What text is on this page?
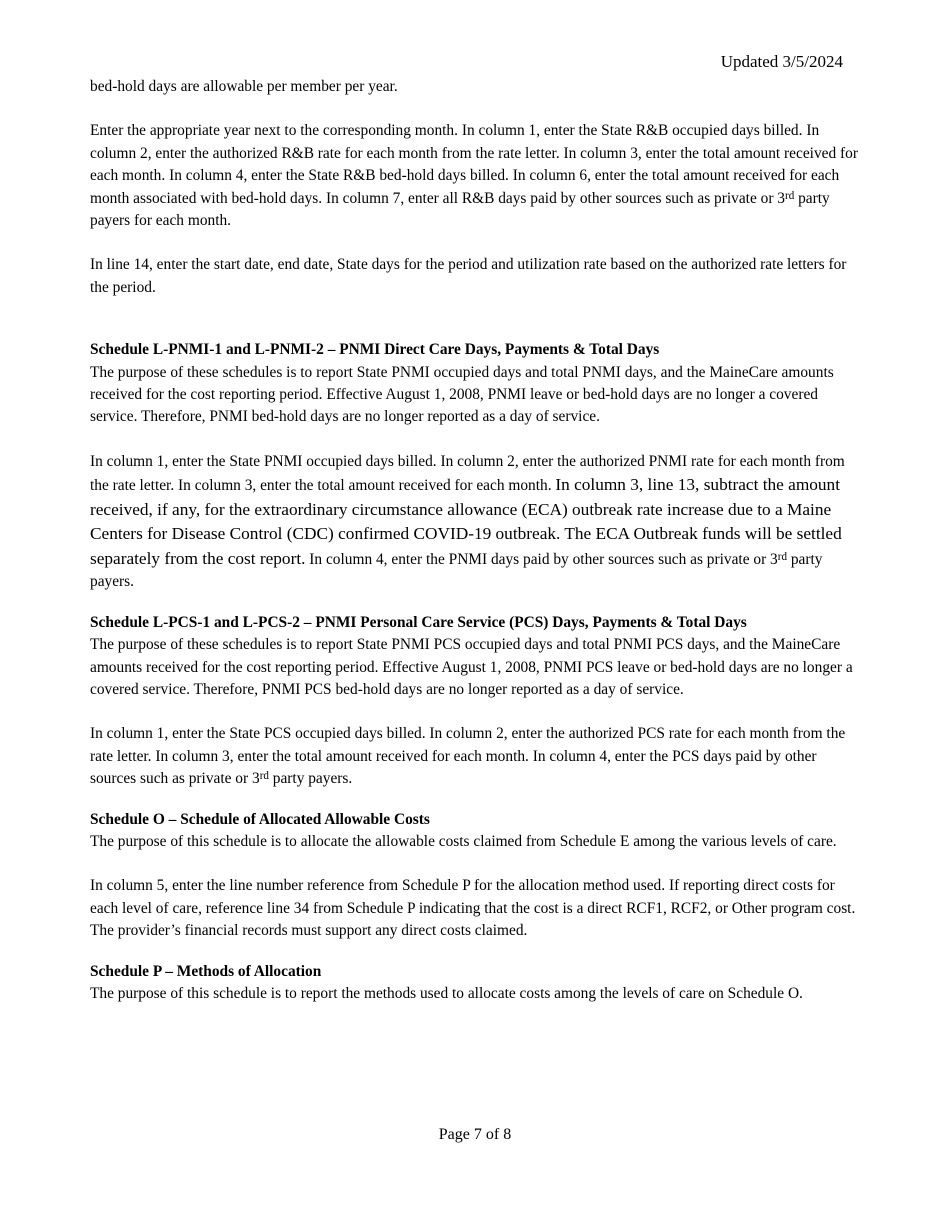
Updated 3/5/2024

bed-hold days are allowable per member per year.

Enter the appropriate year next to the corresponding month. In column 1, enter the State R&B occupied days billed. In column 2, enter the authorized R&B rate for each month from the rate letter. In column 3, enter the total amount received for each month. In column 4, enter the State R&B bed-hold days billed. In column 6, enter the total amount received for each month associated with bed-hold days. In column 7, enter all R&B days paid by other sources such as private or 3rd party payers for each month.

In line 14, enter the start date, end date, State days for the period and utilization rate based on the authorized rate letters for the period.

Schedule L-PNMI-1 and L-PNMI-2 – PNMI Direct Care Days, Payments & Total Days

The purpose of these schedules is to report State PNMI occupied days and total PNMI days, and the MaineCare amounts received for the cost reporting period. Effective August 1, 2008, PNMI leave or bed-hold days are no longer a covered service. Therefore, PNMI bed-hold days are no longer reported as a day of service.

In column 1, enter the State PNMI occupied days billed. In column 2, enter the authorized PNMI rate for each month from the rate letter. In column 3, enter the total amount received for each month. In column 3, line 13, subtract the amount received, if any, for the extraordinary circumstance allowance (ECA) outbreak rate increase due to a Maine Centers for Disease Control (CDC) confirmed COVID-19 outbreak. The ECA Outbreak funds will be settled separately from the cost report. In column 4, enter the PNMI days paid by other sources such as private or 3rd party payers.

Schedule L-PCS-1 and L-PCS-2 – PNMI Personal Care Service (PCS) Days, Payments & Total Days

The purpose of these schedules is to report State PNMI PCS occupied days and total PNMI PCS days, and the MaineCare amounts received for the cost reporting period. Effective August 1, 2008, PNMI PCS leave or bed-hold days are no longer a covered service. Therefore, PNMI PCS bed-hold days are no longer reported as a day of service.

In column 1, enter the State PCS occupied days billed. In column 2, enter the authorized PCS rate for each month from the rate letter. In column 3, enter the total amount received for each month. In column 4, enter the PCS days paid by other sources such as private or 3rd party payers.

Schedule O – Schedule of Allocated Allowable Costs

The purpose of this schedule is to allocate the allowable costs claimed from Schedule E among the various levels of care.

In column 5, enter the line number reference from Schedule P for the allocation method used. If reporting direct costs for each level of care, reference line 34 from Schedule P indicating that the cost is a direct RCF1, RCF2, or Other program cost. The provider’s financial records must support any direct costs claimed.

Schedule P – Methods of Allocation

The purpose of this schedule is to report the methods used to allocate costs among the levels of care on Schedule O.

Page 7 of 8
